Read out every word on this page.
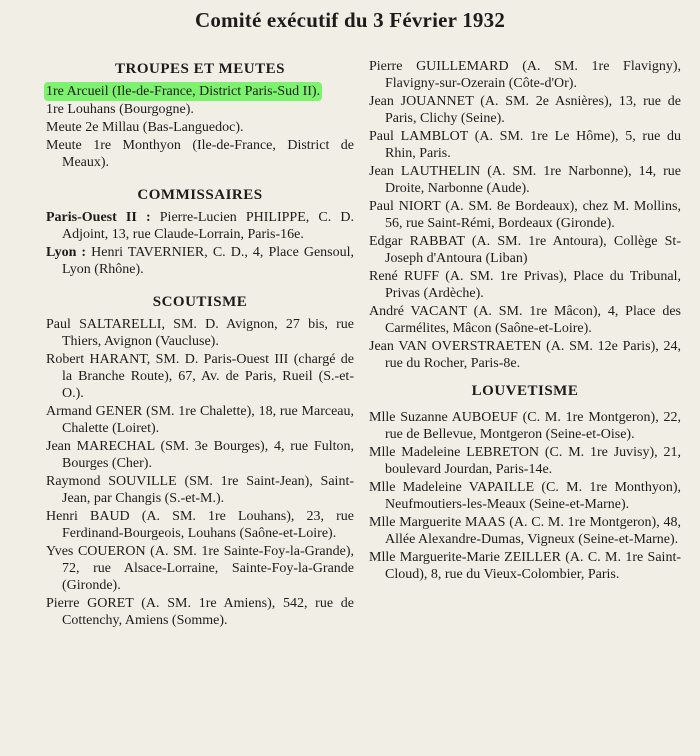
Comité exécutif du 3 Février 1932
TROUPES ET MEUTES

1re Arcueil (Ile-de-France, District Paris-Sud II).

1re Louhans (Bourgogne).

Meute 2e Millau (Bas-Languedoc).

Meute 1re Monthyon (Ile-de-France, District de Meaux).

COMMISSAIRES

Paris-Ouest II : Pierre-Lucien PHILIPPE, C. D. Adjoint, 13, rue Claude-Lorrain, Paris-16e.

Lyon : Henri TAVERNIER, C. D., 4, Place Gensoul, Lyon (Rhône).

SCOUTISME

Paul SALTARELLI, SM. D. Avignon, 27 bis, rue Thiers, Avignon (Vaucluse).

Robert HARANT, SM. D. Paris-Ouest III (chargé de la Branche Route), 67, Av. de Paris, Rueil (S.-et-O.).

Armand GENER (SM. 1re Chalette), 18, rue Marceau, Chalette (Loiret).

Jean MARECHAL (SM. 3e Bourges), 4, rue Fulton, Bourges (Cher).

Raymond SOUVILLE (SM. 1re Saint-Jean), Saint-Jean, par Changis (S.-et-M.).

Henri BAUD (A. SM. 1re Louhans), 23, rue Ferdinand-Bourgeois, Louhans (Saône-et-Loire).

Yves COUERON (A. SM. 1re Sainte-Foy-la-Grande), 72, rue Alsace-Lorraine, Sainte-Foy-la-Grande (Gironde).

Pierre GORET (A. SM. 1re Amiens), 542, rue de Cottenchy, Amiens (Somme).

Pierre GUILLEMARD (A. SM. 1re Flavigny), Flavigny-sur-Ozerain (Côte-d'Or).

Jean JOUANNET (A. SM. 2e Asnières), 13, rue de Paris, Clichy (Seine).

Paul LAMBLOT (A. SM. 1re Le Hôme), 5, rue du Rhin, Paris.

Jean LAUTHELIN (A. SM. 1re Narbonne), 14, rue Droite, Narbonne (Aude).

Paul NIORT (A. SM. 8e Bordeaux), chez M. Mollins, 56, rue Saint-Rémi, Bordeaux (Gironde).

Edgar RABBAT (A. SM. 1re Antoura), Collège St-Joseph d'Antoura (Liban)

René RUFF (A. SM. 1re Privas), Place du Tribunal, Privas (Ardèche).

André VACANT (A. SM. 1re Mâcon), 4, Place des Carmélites, Mâcon (Saône-et-Loire).

Jean VAN OVERSTRAETEN (A. SM. 12e Paris), 24, rue du Rocher, Paris-8e.

LOUVETISME

Mlle Suzanne AUBOEUF (C. M. 1re Montgeron), 22, rue de Bellevue, Montgeron (Seine-et-Oise).

Mlle Madeleine LEBRETON (C. M. 1re Juvisy), 21, boulevard Jourdan, Paris-14e.

Mlle Madeleine VAPAILLE (C. M. 1re Monthyon), Neufmoutiers-les-Meaux (Seine-et-Marne).

Mlle Marguerite MAAS (A. C. M. 1re Montgeron), 48, Allée Alexandre-Dumas, Vigneux (Seine-et-Marne).

Mlle Marguerite-Marie ZEILLER (A. C. M. 1re Saint-Cloud), 8, rue du Vieux-Colombier, Paris.
